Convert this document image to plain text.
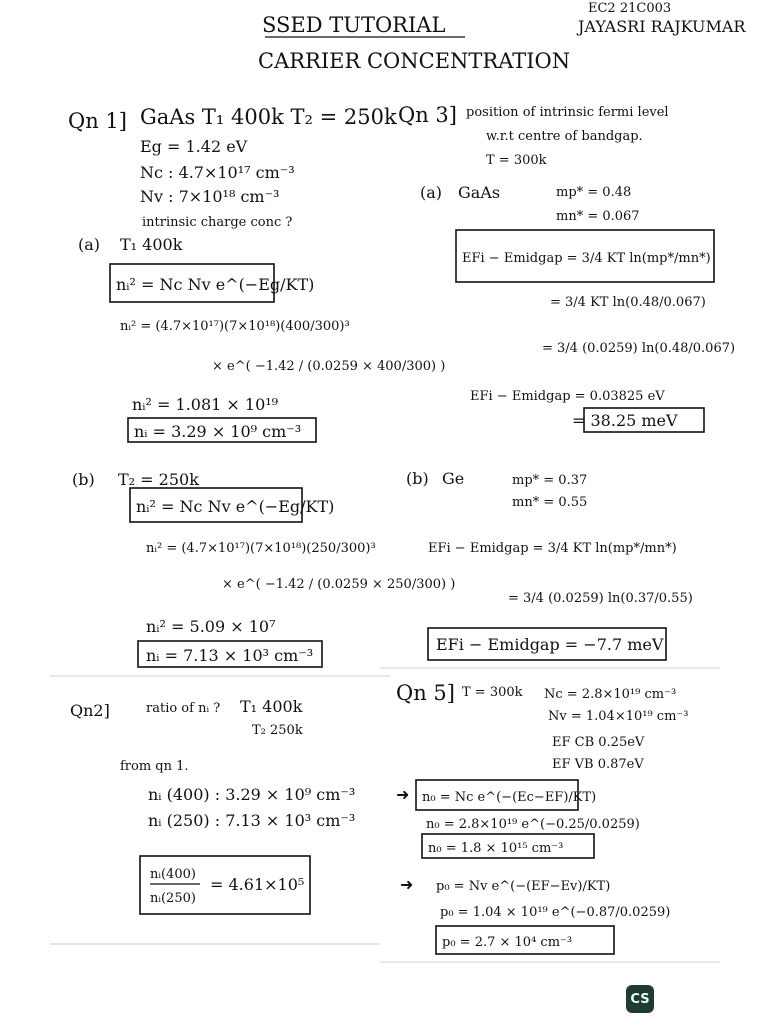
EC2 21C003
SSED TUTORIAL
CARRIER CONCENTRATION
JAYASRI RAJKUMAR
Qn 1] GaAs T₁ 400k T₂ = 250k
Eg = 1.42 eV
Nc : 4.7×10¹⁷ cm⁻³
Nv : 7×10¹⁸ cm⁻³
intrinsic charge conc ?
(a) T₁ 400k
nᵢ² = Nc Nv e^(−Eg/KT)
nᵢ² = (4.7×10¹⁷)(7×10¹⁸)(400/300)³
× e^( −1.42 / (0.0259 × 400/300) )
nᵢ² = 1.081 × 10¹⁹
nᵢ = 3.29 × 10⁹ cm⁻³
(b) T₂ = 250k
nᵢ² = Nc Nv e^(−Eg/KT)
nᵢ² = (4.7×10¹⁷)(7×10¹⁸)(250/300)³
× e^( −1.42 / (0.0259 × 250/300) )
nᵢ² = 5.09 × 10⁷
nᵢ = 7.13 × 10³ cm⁻³
Qn2]	ratio of nᵢ ? T₁ 400k
T₂ 250k
from qn 1.
nᵢ (400) : 3.29 × 10⁹ cm⁻³
nᵢ (250) : 7.13 × 10³ cm⁻³
nᵢ(400)
nᵢ(250)
= 4.61×10⁵
Qn 3] position of intrinsic fermi level
w.r.t centre of bandgap.
T = 300k
(a) GaAs	mp* = 0.48
mn* = 0.067
EFi − Emidgap = 3/4 KT ln(mp*/mn*)
= 3/4 KT ln(0.48/0.067)
= 3/4 (0.0259) ln(0.48/0.067)
EFi − Emidgap = 0.03825 eV
= 38.25 meV
(b) Ge	mp* = 0.37
mn* = 0.55
EFi − Emidgap = 3/4 KT ln(mp*/mn*)
= 3/4 (0.0259) ln(0.37/0.55)
EFi − Emidgap = −7.7 meV
Qn 5] T = 300k Nc = 2.8×10¹⁹ cm⁻³
Nv = 1.04×10¹⁹ cm⁻³
EF CB 0.25eV
EF VB 0.87eV
➜ n₀ = Nc e^(−(Ec−EF)/KT)
n₀ = 2.8×10¹⁹ e^(−0.25/0.0259)
n₀ = 1.8 × 10¹⁵ cm⁻³
➜ p₀ = Nv e^(−(EF−Ev)/KT)
p₀ = 1.04 × 10¹⁹ e^(−0.87/0.0259)
p₀ = 2.7 × 10⁴ cm⁻³
CS
